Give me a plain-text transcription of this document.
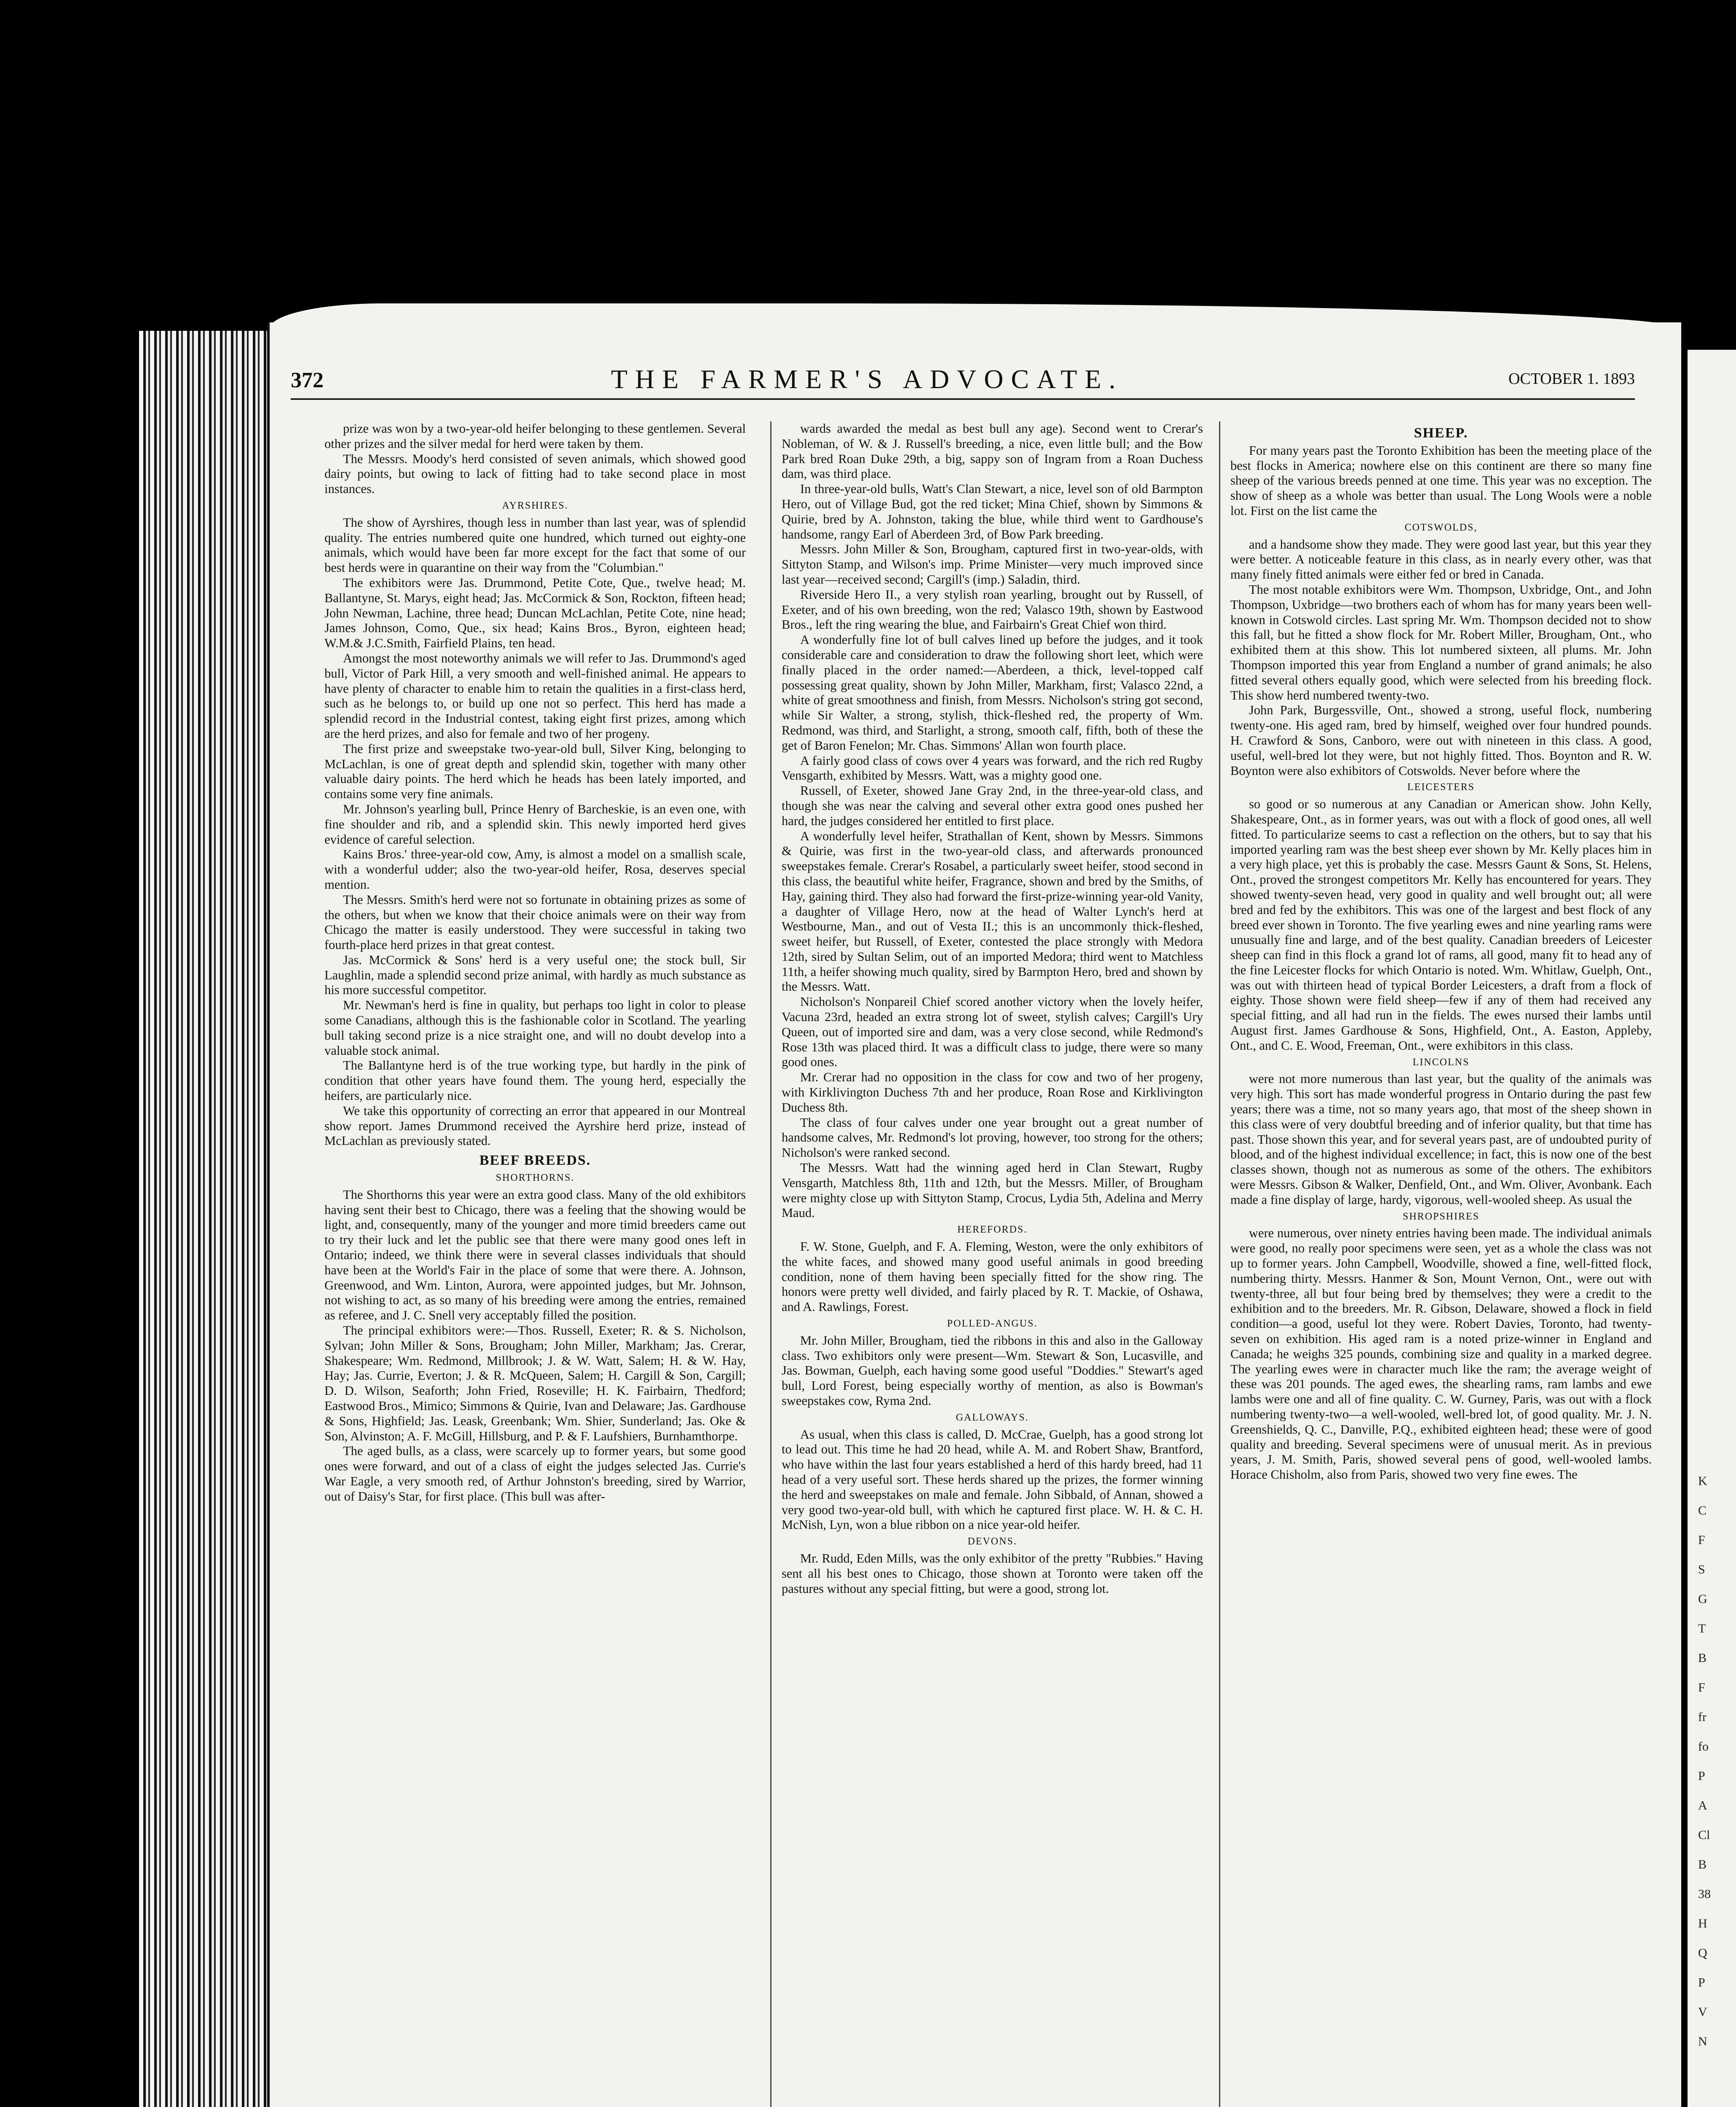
372	THE FARMER'S ADVOCATE.	OCTOBER 1. 1893

prize was won by a two-year-old heifer belonging to these gentlemen. Several other prizes and the silver medal for herd were taken by them.

The Messrs. Moody's herd consisted of seven animals, which showed good dairy points, but owing to lack of fitting had to take second place in most instances.

AYRSHIRES.

The show of Ayrshires, though less in number than last year, was of splendid quality. The entries numbered quite one hundred, which turned out eighty-one animals, which would have been far more except for the fact that some of our best herds were in quarantine on their way from the "Columbian."

The exhibitors were Jas. Drummond, Petite Cote, Que., twelve head; M. Ballantyne, St. Marys, eight head; Jas. McCormick & Son, Rockton, fifteen head; John Newman, Lachine, three head; Duncan McLachlan, Petite Cote, nine head; James Johnson, Como, Que., six head; Kains Bros., Byron, eighteen head; W.M.& J.C.Smith, Fairfield Plains, ten head.

Amongst the most noteworthy animals we will refer to Jas. Drummond's aged bull, Victor of Park Hill, a very smooth and well-finished animal. He appears to have plenty of character to enable him to retain the qualities in a first-class herd, such as he belongs to, or build up one not so perfect. This herd has made a splendid record in the Industrial contest, taking eight first prizes, among which are the herd prizes, and also for female and two of her progeny.

The first prize and sweepstake two-year-old bull, Silver King, belonging to McLachlan, is one of great depth and splendid skin, together with many other valuable dairy points. The herd which he heads has been lately imported, and contains some very fine animals.

Mr. Johnson's yearling bull, Prince Henry of Barcheskie, is an even one, with fine shoulder and rib, and a splendid skin. This newly imported herd gives evidence of careful selection.

Kains Bros.' three-year-old cow, Amy, is almost a model on a smallish scale, with a wonderful udder; also the two-year-old heifer, Rosa, deserves special mention.

The Messrs. Smith's herd were not so fortunate in obtaining prizes as some of the others, but when we know that their choice animals were on their way from Chicago the matter is easily understood. They were successful in taking two fourth-place herd prizes in that great contest.

Jas. McCormick & Sons' herd is a very useful one; the stock bull, Sir Laughlin, made a splendid second prize animal, with hardly as much substance as his more successful competitor.

Mr. Newman's herd is fine in quality, but perhaps too light in color to please some Canadians, although this is the fashionable color in Scotland. The yearling bull taking second prize is a nice straight one, and will no doubt develop into a valuable stock animal.

The Ballantyne herd is of the true working type, but hardly in the pink of condition that other years have found them. The young herd, especially the heifers, are particularly nice.

We take this opportunity of correcting an error that appeared in our Montreal show report. James Drummond received the Ayrshire herd prize, instead of McLachlan as previously stated.

BEEF BREEDS.
SHORTHORNS.

The Shorthorns this year were an extra good class. Many of the old exhibitors having sent their best to Chicago, there was a feeling that the showing would be light, and, consequently, many of the younger and more timid breeders came out to try their luck and let the public see that there were many good ones left in Ontario; indeed, we think there were in several classes individuals that should have been at the World's Fair in the place of some that were there. A. Johnson, Greenwood, and Wm. Linton, Aurora, were appointed judges, but Mr. Johnson, not wishing to act, as so many of his breeding were among the entries, remained as referee, and J. C. Snell very acceptably filled the position.

The principal exhibitors were:—Thos. Russell, Exeter; R. & S. Nicholson, Sylvan; John Miller & Sons, Brougham; John Miller, Markham; Jas. Crerar, Shakespeare; Wm. Redmond, Millbrook; J. & W. Watt, Salem; H. & W. Hay, Hay; Jas. Currie, Everton; J. & R. McQueen, Salem; H. Cargill & Son, Cargill; D. D. Wilson, Seaforth; John Fried, Roseville; H. K. Fairbairn, Thedford; Eastwood Bros., Mimico; Simmons & Quirie, Ivan and Delaware; Jas. Gardhouse & Sons, Highfield; Jas. Leask, Greenbank; Wm. Shier, Sunderland; Jas. Oke & Son, Alvinston; A. F. McGill, Hillsburg, and P. & F. Laufshiers, Burnhamthorpe.

The aged bulls, as a class, were scarcely up to former years, but some good ones were forward, and out of a class of eight the judges selected Jas. Currie's War Eagle, a very smooth red, of Arthur Johnston's breeding, sired by Warrior, out of Daisy's Star, for first place. (This bull was after-

wards awarded the medal as best bull any age). Second went to Crerar's Nobleman, of W. & J. Russell's breeding, a nice, even little bull; and the Bow Park bred Roan Duke 29th, a big, sappy son of Ingram from a Roan Duchess dam, was third place.

In three-year-old bulls, Watt's Clan Stewart, a nice, level son of old Barmpton Hero, out of Village Bud, got the red ticket; Mina Chief, shown by Simmons & Quirie, bred by A. Johnston, taking the blue, while third went to Gardhouse's handsome, rangy Earl of Aberdeen 3rd, of Bow Park breeding.

Messrs. John Miller & Son, Brougham, captured first in two-year-olds, with Sittyton Stamp, and Wilson's imp. Prime Minister—very much improved since last year—received second; Cargill's (imp.) Saladin, third.

Riverside Hero II., a very stylish roan yearling, brought out by Russell, of Exeter, and of his own breeding, won the red; Valasco 19th, shown by Eastwood Bros., left the ring wearing the blue, and Fairbairn's Great Chief won third.

A wonderfully fine lot of bull calves lined up before the judges, and it took considerable care and consideration to draw the following short leet, which were finally placed in the order named:—Aberdeen, a thick, level-topped calf possessing great quality, shown by John Miller, Markham, first; Valasco 22nd, a white of great smoothness and finish, from Messrs. Nicholson's string got second, while Sir Walter, a strong, stylish, thick-fleshed red, the property of Wm. Redmond, was third, and Starlight, a strong, smooth calf, fifth, both of these the get of Baron Fenelon; Mr. Chas. Simmons' Allan won fourth place.

A fairly good class of cows over 4 years was forward, and the rich red Rugby Vensgarth, exhibited by Messrs. Watt, was a mighty good one.

Russell, of Exeter, showed Jane Gray 2nd, in the three-year-old class, and though she was near the calving and several other extra good ones pushed her hard, the judges considered her entitled to first place.

A wonderfully level heifer, Strathallan of Kent, shown by Messrs. Simmons & Quirie, was first in the two-year-old class, and afterwards pronounced sweepstakes female. Crerar's Rosabel, a particularly sweet heifer, stood second in this class, the beautiful white heifer, Fragrance, shown and bred by the Smiths, of Hay, gaining third. They also had forward the first-prize-winning year-old Vanity, a daughter of Village Hero, now at the head of Walter Lynch's herd at Westbourne, Man., and out of Vesta II.; this is an uncommonly thick-fleshed, sweet heifer, but Russell, of Exeter, contested the place strongly with Medora 12th, sired by Sultan Selim, out of an imported Medora; third went to Matchless 11th, a heifer showing much quality, sired by Barmpton Hero, bred and shown by the Messrs. Watt.

Nicholson's Nonpareil Chief scored another victory when the lovely heifer, Vacuna 23rd, headed an extra strong lot of sweet, stylish calves; Cargill's Ury Queen, out of imported sire and dam, was a very close second, while Redmond's Rose 13th was placed third. It was a difficult class to judge, there were so many good ones.

Mr. Crerar had no opposition in the class for cow and two of her progeny, with Kirklivington Duchess 7th and her produce, Roan Rose and Kirklivington Duchess 8th.

The class of four calves under one year brought out a great number of handsome calves, Mr. Redmond's lot proving, however, too strong for the others; Nicholson's were ranked second.

The Messrs. Watt had the winning aged herd in Clan Stewart, Rugby Vensgarth, Matchless 8th, 11th and 12th, but the Messrs. Miller, of Brougham were mighty close up with Sittyton Stamp, Crocus, Lydia 5th, Adelina and Merry Maud.

HEREFORDS.

F. W. Stone, Guelph, and F. A. Fleming, Weston, were the only exhibitors of the white faces, and showed many good useful animals in good breeding condition, none of them having been specially fitted for the show ring. The honors were pretty well divided, and fairly placed by R. T. Mackie, of Oshawa, and A. Rawlings, Forest.

POLLED-ANGUS.

Mr. John Miller, Brougham, tied the ribbons in this and also in the Galloway class. Two exhibitors only were present—Wm. Stewart & Son, Lucasville, and Jas. Bowman, Guelph, each having some good useful "Doddies." Stewart's aged bull, Lord Forest, being especially worthy of mention, as also is Bowman's sweepstakes cow, Ryma 2nd.

GALLOWAYS.

As usual, when this class is called, D. McCrae, Guelph, has a good strong lot to lead out. This time he had 20 head, while A. M. and Robert Shaw, Brantford, who have within the last four years established a herd of this hardy breed, had 11 head of a very useful sort. These herds shared up the prizes, the former winning the herd and sweepstakes on male and female. John Sibbald, of Annan, showed a very good two-year-old bull, with which he captured first place. W. H. & C. H. McNish, Lyn, won a blue ribbon on a nice year-old heifer.

DEVONS.

Mr. Rudd, Eden Mills, was the only exhibitor of the pretty "Rubbies." Having sent all his best ones to Chicago, those shown at Toronto were taken off the pastures without any special fitting, but were a good, strong lot.

SHEEP.

For many years past the Toronto Exhibition has been the meeting place of the best flocks in America; nowhere else on this continent are there so many fine sheep of the various breeds penned at one time. This year was no exception. The show of sheep as a whole was better than usual. The Long Wools were a noble lot. First on the list came the

COTSWOLDS,

and a handsome show they made. They were good last year, but this year they were better. A noticeable feature in this class, as in nearly every other, was that many finely fitted animals were either fed or bred in Canada.

The most notable exhibitors were Wm. Thompson, Uxbridge, Ont., and John Thompson, Uxbridge—two brothers each of whom has for many years been well-known in Cotswold circles. Last spring Mr. Wm. Thompson decided not to show this fall, but he fitted a show flock for Mr. Robert Miller, Brougham, Ont., who exhibited them at this show. This lot numbered sixteen, all plums. Mr. John Thompson imported this year from England a number of grand animals; he also fitted several others equally good, which were selected from his breeding flock. This show herd numbered twenty-two.

John Park, Burgessville, Ont., showed a strong, useful flock, numbering twenty-one. His aged ram, bred by himself, weighed over four hundred pounds. H. Crawford & Sons, Canboro, were out with nineteen in this class. A good, useful, well-bred lot they were, but not highly fitted. Thos. Boynton and R. W. Boynton were also exhibitors of Cotswolds. Never before where the

LEICESTERS

so good or so numerous at any Canadian or American show. John Kelly, Shakespeare, Ont., as in former years, was out with a flock of good ones, all well fitted. To particularize seems to cast a reflection on the others, but to say that his imported yearling ram was the best sheep ever shown by Mr. Kelly places him in a very high place, yet this is probably the case. Messrs Gaunt & Sons, St. Helens, Ont., proved the strongest competitors Mr. Kelly has encountered for years. They showed twenty-seven head, very good in quality and well brought out; all were bred and fed by the exhibitors. This was one of the largest and best flock of any breed ever shown in Toronto. The five yearling ewes and nine yearling rams were unusually fine and large, and of the best quality. Canadian breeders of Leicester sheep can find in this flock a grand lot of rams, all good, many fit to head any of the fine Leicester flocks for which Ontario is noted. Wm. Whitlaw, Guelph, Ont., was out with thirteen head of typical Border Leicesters, a draft from a flock of eighty. Those shown were field sheep—few if any of them had received any special fitting, and all had run in the fields. The ewes nursed their lambs until August first. James Gardhouse & Sons, Highfield, Ont., A. Easton, Appleby, Ont., and C. E. Wood, Freeman, Ont., were exhibitors in this class.

LINCOLNS

were not more numerous than last year, but the quality of the animals was very high. This sort has made wonderful progress in Ontario during the past few years; there was a time, not so many years ago, that most of the sheep shown in this class were of very doubtful breeding and of inferior quality, but that time has past. Those shown this year, and for several years past, are of undoubted purity of blood, and of the highest individual excellence; in fact, this is now one of the best classes shown, though not as numerous as some of the others. The exhibitors were Messrs. Gibson & Walker, Denfield, Ont., and Wm. Oliver, Avonbank. Each made a fine display of large, hardy, vigorous, well-wooled sheep. As usual the

SHROPSHIRES

were numerous, over ninety entries having been made. The individual animals were good, no really poor specimens were seen, yet as a whole the class was not up to former years. John Campbell, Woodville, showed a fine, well-fitted flock, numbering thirty. Messrs. Hanmer & Son, Mount Vernon, Ont., were out with twenty-three, all but four being bred by themselves; they were a credit to the exhibition and to the breeders. Mr. R. Gibson, Delaware, showed a flock in field condition—a good, useful lot they were. Robert Davies, Toronto, had twenty-seven on exhibition. His aged ram is a noted prize-winner in England and Canada; he weighs 325 pounds, combining size and quality in a marked degree. The yearling ewes were in character much like the ram; the average weight of these was 201 pounds. The aged ewes, the shearling rams, ram lambs and ewe lambs were one and all of fine quality. C. W. Gurney, Paris, was out with a flock numbering twenty-two—a well-wooled, well-bred lot, of good quality. Mr. J. N. Greenshields, Q. C., Danville, P.Q., exhibited eighteen head; these were of good quality and breeding. Several specimens were of unusual merit. As in previous years, J. M. Smith, Paris, showed several pens of good, well-wooled lambs. Horace Chisholm, also from Paris, showed two very fine ewes. The	K
C
F
S
G
T
B
F
fr
fo
P
A
Cl
B
38
H
Q
P
V
N
